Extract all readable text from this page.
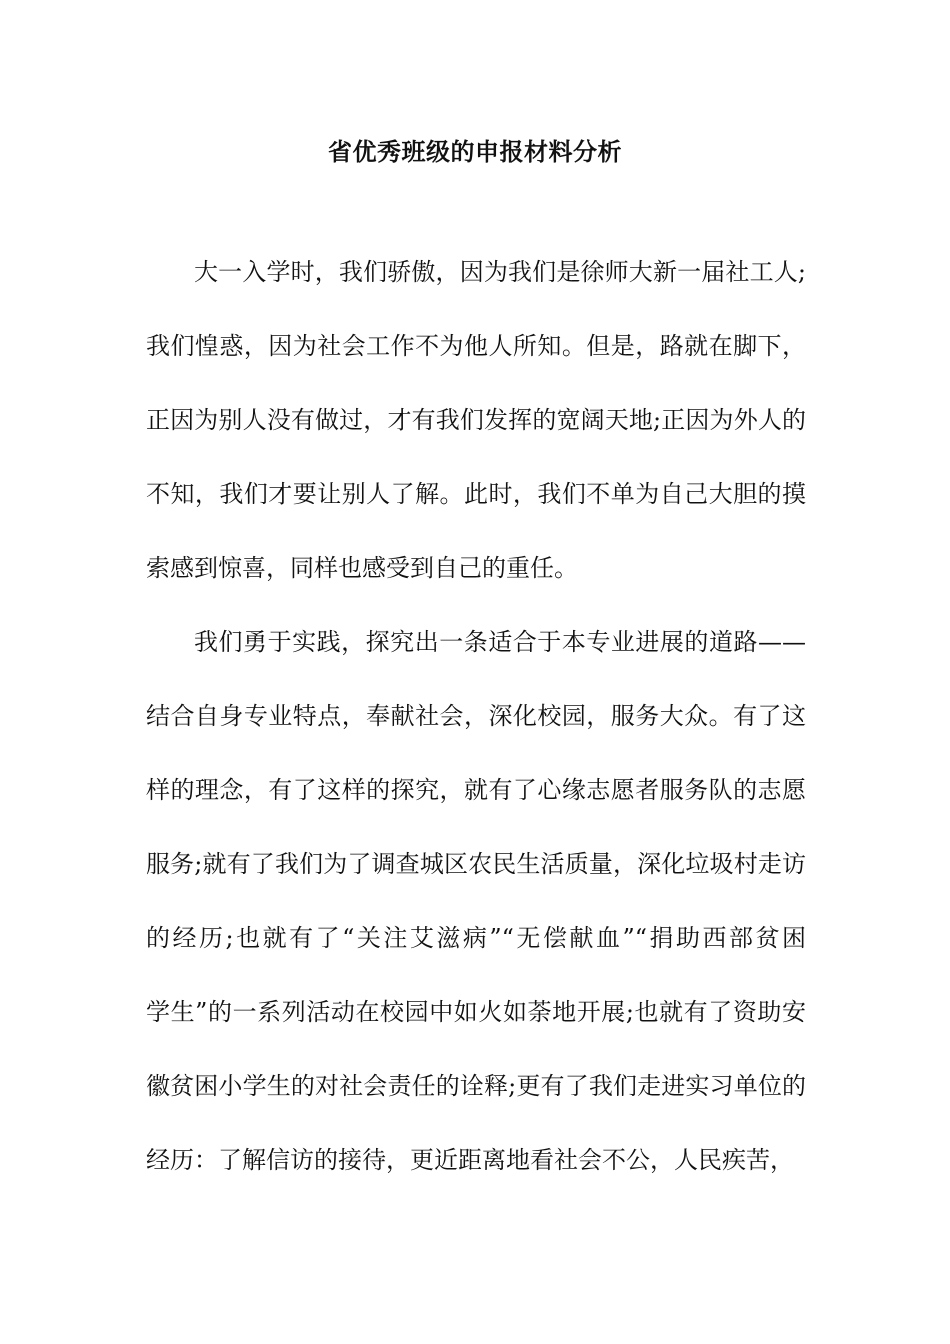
省优秀班级的申报材料分析
大一入学时，我们骄傲，因为我们是徐师大新一届社工人;
我们惶惑，因为社会工作不为他人所知。但是，路就在脚下，
正因为别人没有做过，才有我们发挥的宽阔天地;正因为外人的
不知，我们才要让别人了解。此时，我们不单为自己大胆的摸
索感到惊喜，同样也感受到自己的重任。
我们勇于实践，探究出一条适合于本专业进展的道路——
结合自身专业特点，奉献社会，深化校园，服务大众。有了这
样的理念，有了这样的探究，就有了心缘志愿者服务队的志愿
服务;就有了我们为了调查城区农民生活质量，深化垃圾村走访
的经历;也就有了“关注艾滋病”“无偿献血”“捐助西部贫困
学生”的一系列活动在校园中如火如荼地开展;也就有了资助安
徽贫困小学生的对社会责任的诠释;更有了我们走进实习单位的
经历：了解信访的接待，更近距离地看社会不公，人民疾苦，
